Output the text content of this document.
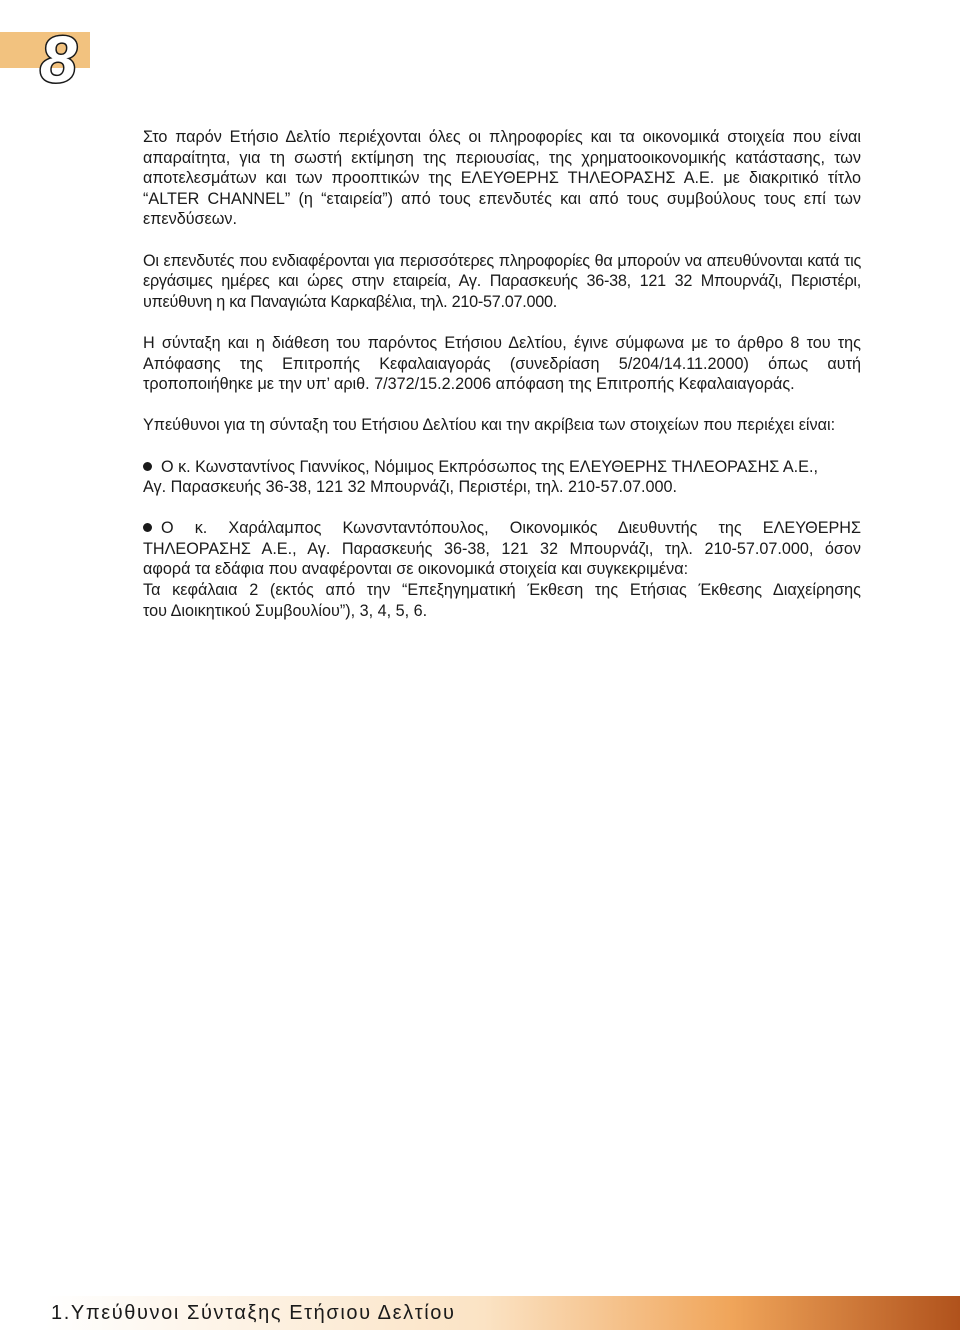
8

Στο παρόν Ετήσιο Δελτίο περιέχονται όλες οι πληροφορίες και τα οικονομικά στοιχεία που είναι απαραίτητα, για τη σωστή εκτίμηση της περιουσίας, της χρηματοοικονομικής κατάστασης, των αποτελεσμάτων και των προοπτικών της ΕΛΕΥΘΕΡΗΣ ΤΗΛΕΟΡΑΣΗΣ Α.Ε. με διακριτικό τίτλο “ALTER CHANNEL” (η “εταιρεία”) από τους επενδυτές και από τους συμβούλους τους επί των επενδύσεων.

Οι επενδυτές που ενδιαφέρονται για περισσότερες πληροφορίες θα μπορούν να απευθύνονται κατά τις εργάσιμες ημέρες και ώρες στην εταιρεία, Αγ. Παρασκευής 36-38, 121 32 Μπουρνάζι, Περιστέρι, υπεύθυνη η κα Παναγιώτα Καρκαβέλια, τηλ. 210-57.07.000.

Η σύνταξη και η διάθεση του παρόντος Ετήσιου Δελτίου, έγινε σύμφωνα με το άρθρο 8 του της Απόφασης της Επιτροπής Κεφαλαιαγοράς (συνεδρίαση 5/204/14.11.2000) όπως αυτή τροποποιήθηκε με την υπ’ αριθ. 7/372/15.2.2006 απόφαση της Επιτροπής Κεφαλαιαγοράς.

Υπεύθυνοι για τη σύνταξη του Ετήσιου Δελτίου και την ακρίβεια των στοιχείων που περιέχει είναι:

Ο κ. Κωνσταντίνος Γιαννίκος, Νόμιμος Εκπρόσωπος της ΕΛΕΥΘΕΡΗΣ ΤΗΛΕΟΡΑΣΗΣ Α.Ε.,
Αγ. Παρασκευής 36-38, 121 32 Μπουρνάζι, Περιστέρι, τηλ. 210-57.07.000.
Ο κ. Χαράλαμπος Κωνσνταντόπουλος, Οικονομικός Διευθυντής της ΕΛΕΥΘΕΡΗΣ
ΤΗΛΕΟΡΑΣΗΣ Α.Ε., Αγ. Παρασκευής 36-38, 121 32 Μπουρνάζι, τηλ. 210-57.07.000, όσον
αφορά τα εδάφια που αναφέρονται σε οικονομικά στοιχεία και συγκεκριμένα:
Τα κεφάλαια 2 (εκτός από την “Επεξηγηματική Έκθεση της Ετήσιας Έκθεσης Διαχείρησης
του Διοικητικού Συμβουλίου”), 3, 4, 5, 6.
1.Υπεύθυνοι Σύνταξης Ετήσιου Δελτίου
